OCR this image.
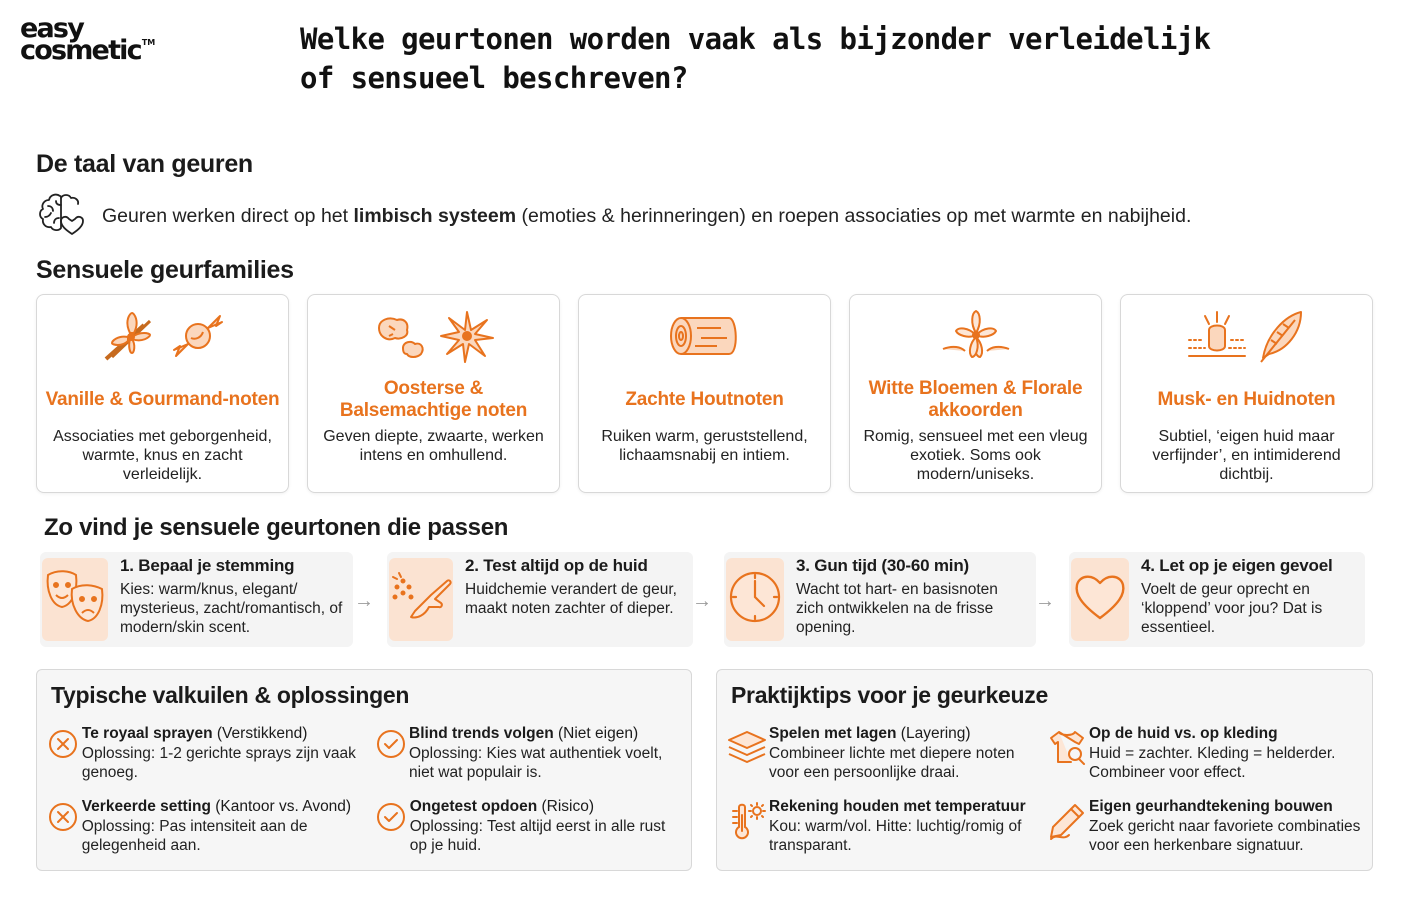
easy
cosmetic™	Welke geurtonen worden vaak als bijzonder verleidelijk of sensueel beschreven?
De taal van geuren
Geuren werken direct op het limbisch systeem (emoties & herinneringen) en roepen associaties op met warmte en nabijheid.
Sensuele geurfamilies
Vanille & Gourmand-noten
Associaties met geborgenheid, warmte, knus en zacht verleidelijk.
Oosterse & Balsemachtige noten
Geven diepte, zwaarte, werken intens en omhullend.
Zachte Houtnoten
Ruiken warm, geruststellend, lichaamsnabij en intiem.
Witte Bloemen & Florale akkoorden
Romig, sensueel met een vleug exotiek. Soms ook modern/uniseks.
Musk- en Huidnoten
Subtiel, ‘eigen huid maar verfijnder’, en intimiderend dichtbij.
Zo vind je sensuele geurtonen die passen
1. Bepaal je stemming
Kies: warm/knus, elegant/ mysterieus, zacht/romantisch, of modern/skin scent.
→
2. Test altijd op de huid
Huidchemie verandert de geur, maakt noten zachter of dieper. →
3. Gun tijd (30-60 min)
Wacht tot hart- en basisnoten zich ontwikkelen na de frisse opening.
→
4. Let op je eigen gevoel
Voelt de geur oprecht en ‘kloppend’ voor jou? Dat is essentieel.
Typische valkuilen & oplossingen
Te royaal sprayen (Verstikkend)
Oplossing: 1-2 gerichte sprays zijn vaak genoeg.
Blind trends volgen (Niet eigen)
Oplossing: Kies wat authentiek voelt, niet wat populair is.
Verkeerde setting (Kantoor vs. Avond)
Oplossing: Pas intensiteit aan de gelegenheid aan.
Ongetest opdoen (Risico)
Oplossing: Test altijd eerst in alle rust op je huid.
Praktijktips voor je geurkeuze
Spelen met lagen (Layering)
Combineer lichte met diepere noten voor een persoonlijke draai.
Op de huid vs. op kleding
Huid = zachter. Kleding = helderder. Combineer voor effect.
Rekening houden met temperatuur
Kou: warm/vol. Hitte: luchtig/romig of transparant.
Eigen geurhandtekening bouwen
Zoek gericht naar favoriete combinaties voor een herkenbare signatuur.
